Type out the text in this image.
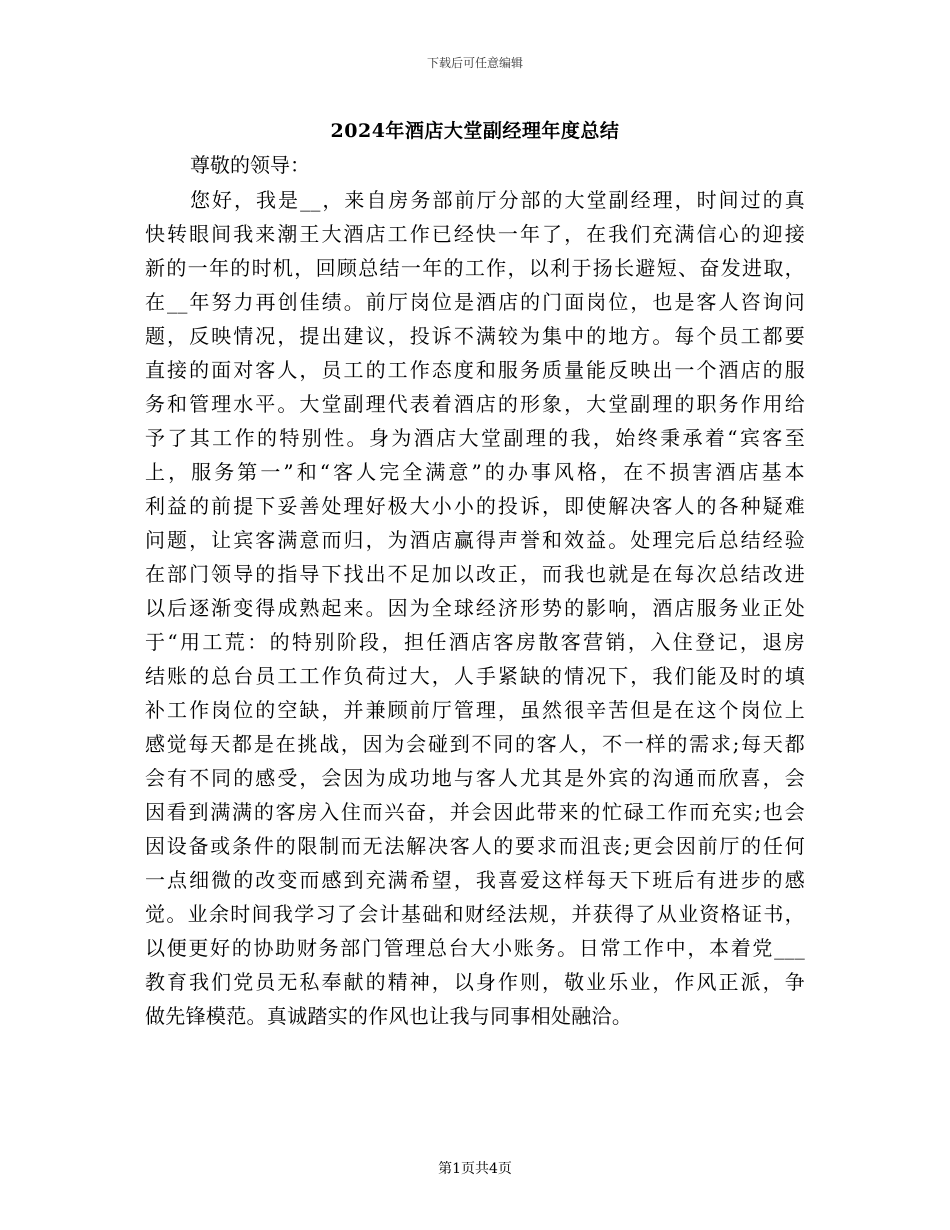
下载后可任意编辑
2024年酒店大堂副经理年度总结
尊敬的领导：
您好，我是__，来自房务部前厅分部的大堂副经理，时间过的真
快转眼间我来潮王大酒店工作已经快一年了，在我们充满信心的迎接
新的一年的时机，回顾总结一年的工作，以利于扬长避短、奋发进取，
在__年努力再创佳绩。前厅岗位是酒店的门面岗位，也是客人咨询问
题，反映情况，提出建议，投诉不满较为集中的地方。每个员工都要
直接的面对客人，员工的工作态度和服务质量能反映出一个酒店的服
务和管理水平。大堂副理代表着酒店的形象，大堂副理的职务作用给
予了其工作的特别性。身为酒店大堂副理的我，始终秉承着“宾客至
上，服务第一”和“客人完全满意”的办事风格，在不损害酒店基本
利益的前提下妥善处理好极大小小的投诉，即使解决客人的各种疑难
问题，让宾客满意而归，为酒店赢得声誉和效益。处理完后总结经验
在部门领导的指导下找出不足加以改正，而我也就是在每次总结改进
以后逐渐变得成熟起来。因为全球经济形势的影响，酒店服务业正处
于“用工荒：的特别阶段，担任酒店客房散客营销，入住登记，退房
结账的总台员工工作负荷过大，人手紧缺的情况下，我们能及时的填
补工作岗位的空缺，并兼顾前厅管理，虽然很辛苦但是在这个岗位上
感觉每天都是在挑战，因为会碰到不同的客人，不一样的需求;每天都
会有不同的感受，会因为成功地与客人尤其是外宾的沟通而欣喜，会
因看到满满的客房入住而兴奋，并会因此带来的忙碌工作而充实;也会
因设备或条件的限制而无法解决客人的要求而沮丧;更会因前厅的任何
一点细微的改变而感到充满希望，我喜爱这样每天下班后有进步的感
觉。业余时间我学习了会计基础和财经法规，并获得了从业资格证书，
以便更好的协助财务部门管理总台大小账务。日常工作中，本着党___
教育我们党员无私奉献的精神，以身作则，敬业乐业，作风正派，争
做先锋模范。真诚踏实的作风也让我与同事相处融洽。
第1页共4页
